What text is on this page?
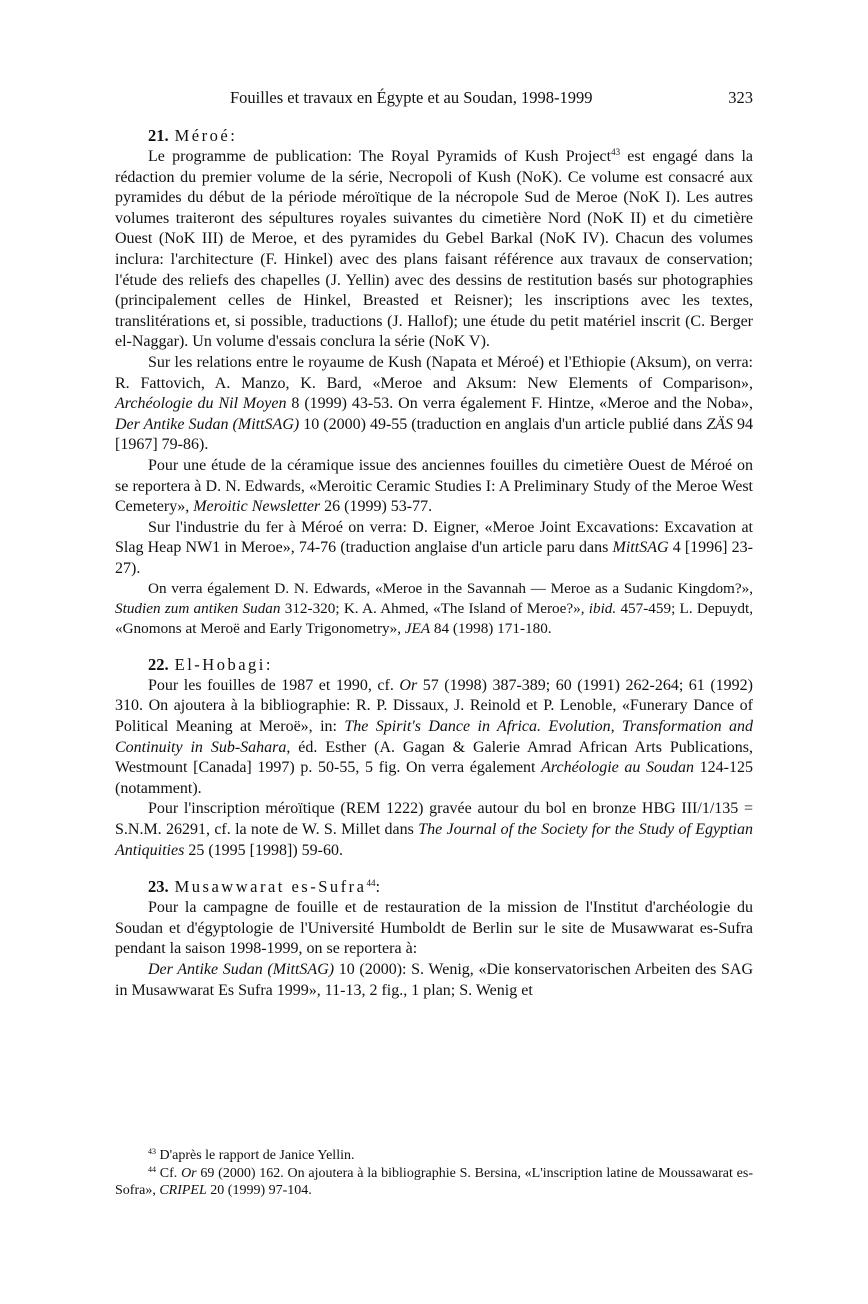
Fouilles et travaux en Égypte et au Soudan, 1998-1999	323
21. Méroé:

Le programme de publication: The Royal Pyramids of Kush Project$^{43}$ est engagé dans la rédaction du premier volume de la série, Necropoli of Kush (NoK). Ce volume est consacré aux pyramides du début de la période méroïtique de la nécropole Sud de Meroe (NoK I). Les autres volumes traiteront des sépultures royales suivantes du cimetière Nord (NoK II) et du cimetière Ouest (NoK III) de Meroe, et des pyramides du Gebel Barkal (NoK IV). Chacun des volumes inclura: l'architecture (F. Hinkel) avec des plans faisant référence aux travaux de conservation; l'étude des reliefs des chapelles (J. Yellin) avec des dessins de restitution basés sur photographies (principalement celles de Hinkel, Breasted et Reisner); les inscriptions avec les textes, translitérations et, si possible, traductions (J. Hallof); une étude du petit matériel inscrit (C. Berger el-Naggar). Un volume d'essais conclura la série (NoK V).

Sur les relations entre le royaume de Kush (Napata et Méroé) et l'Ethiopie (Aksum), on verra: R. Fattovich, A. Manzo, K. Bard, «Meroe and Aksum: New Elements of Comparison», Archéologie du Nil Moyen 8 (1999) 43-53. On verra également F. Hintze, «Meroe and the Noba», Der Antike Sudan (MittSAG) 10 (2000) 49-55 (traduction en anglais d'un article publié dans ZÄS 94 [1967] 79-86).

Pour une étude de la céramique issue des anciennes fouilles du cimetière Ouest de Méroé on se reportera à D. N. Edwards, «Meroitic Ceramic Studies I: A Preliminary Study of the Meroe West Cemetery», Meroitic Newsletter 26 (1999) 53-77.

Sur l'industrie du fer à Méroé on verra: D. Eigner, «Meroe Joint Excavations: Excavation at Slag Heap NW1 in Meroe», 74-76 (traduction anglaise d'un article paru dans MittSAG 4 [1996] 23-27).

On verra également D. N. Edwards, «Meroe in the Savannah — Meroe as a Sudanic Kingdom?», Studien zum antiken Sudan 312-320; K. A. Ahmed, «The Island of Meroe?», ibid. 457-459; L. Depuydt, «Gnomons at Meroë and Early Trigonometry», JEA 84 (1998) 171-180.

22. El-Hobagi:

Pour les fouilles de 1987 et 1990, cf. Or 57 (1998) 387-389; 60 (1991) 262-264; 61 (1992) 310. On ajoutera à la bibliographie: R. P. Dissaux, J. Reinold et P. Lenoble, «Funerary Dance of Political Meaning at Meroë», in: The Spirit's Dance in Africa. Evolution, Transformation and Continuity in Sub-Sahara, éd. Esther (A. Gagan & Galerie Amrad African Arts Publications, Westmount [Canada] 1997) p. 50-55, 5 fig. On verra également Archéologie au Soudan 124-125 (notamment).

Pour l'inscription méroïtique (REM 1222) gravée autour du bol en bronze HBG III/1/135 = S.N.M. 26291, cf. la note de W. S. Millet dans The Journal of the Society for the Study of Egyptian Antiquities 25 (1995 [1998]) 59-60.

23. Musawwarat es-Sufra$^{44}$:

Pour la campagne de fouille et de restauration de la mission de l'Institut d'archéologie du Soudan et d'égyptologie de l'Université Humboldt de Berlin sur le site de Musawwarat es-Sufra pendant la saison 1998-1999, on se reportera à:

Der Antike Sudan (MittSAG) 10 (2000): S. Wenig, «Die konservatorischen Arbeiten des SAG in Musawwarat Es Sufra 1999», 11-13, 2 fig., 1 plan; S. Wenig et

$^{43}$ D'après le rapport de Janice Yellin.

$^{44}$ Cf. Or 69 (2000) 162. On ajoutera à la bibliographie S. Bersina, «L'inscription latine de Moussawarat es-Sofra», CRIPEL 20 (1999) 97-104.
